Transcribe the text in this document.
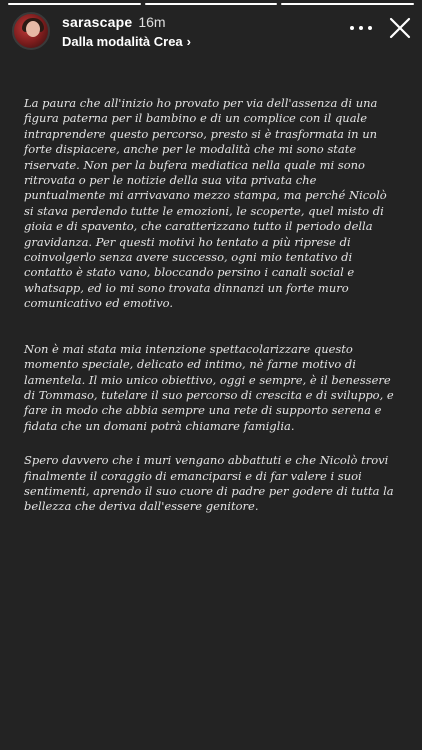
sarascape 16m
Dalla modalità Crea ›

La paura che all'inizio ho provato per via dell'assenza di una figura paterna per il bambino e di un complice con il quale intraprendere questo percorso, presto si è trasformata in un forte dispiacere, anche per le modalità che mi sono state riservate. Non per la bufera mediatica nella quale mi sono ritrovata o per le notizie della sua vita privata che puntualmente mi arrivavano mezzo stampa, ma perché Nicolò si stava perdendo tutte le emozioni, le scoperte, quel misto di gioia e di spavento, che caratterizzano tutto il periodo della gravidanza. Per questi motivi ho tentato a più riprese di coinvolgerlo senza avere successo, ogni mio tentativo di contatto è stato vano, bloccando persino i canali social e whatsapp, ed io mi sono trovata dinnanzi un forte muro comunicativo ed emotivo.

Non è mai stata mia intenzione spettacolarizzare questo momento speciale, delicato ed intimo, nè farne motivo di lamentela. Il mio unico obiettivo, oggi e sempre, è il benessere di Tommaso, tutelare il suo percorso di crescita e di sviluppo, e fare in modo che abbia sempre una rete di supporto serena e fidata che un domani potrà chiamare famiglia.

Spero davvero che i muri vengano abbattuti e che Nicolò trovi finalmente il coraggio di emanciparsi e di far valere i suoi sentimenti, aprendo il suo cuore di padre per godere di tutta la bellezza che deriva dall'essere genitore.
